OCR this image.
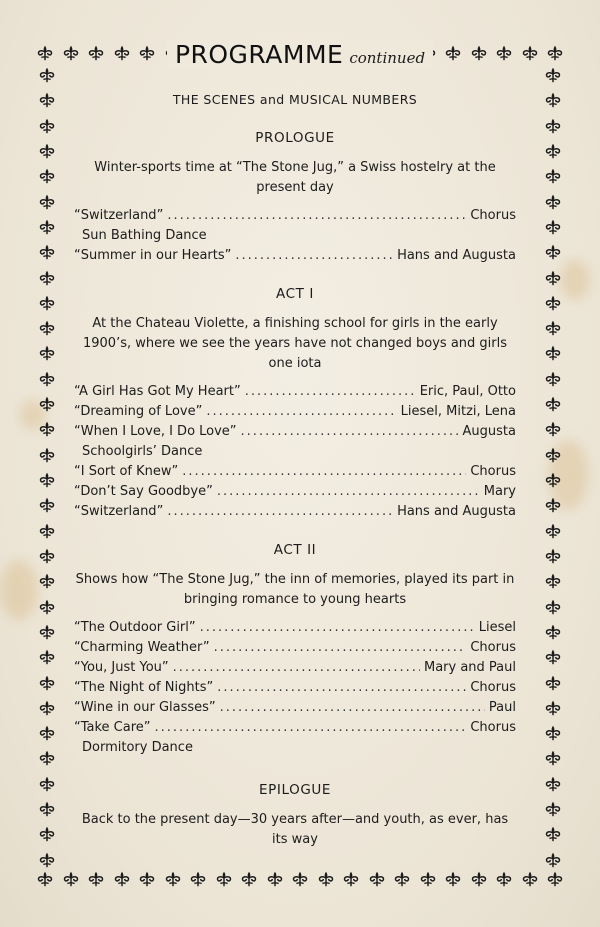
PROGRAMME continued
THE SCENES and MUSICAL NUMBERS
PROLOGUE
Winter-sports time at “The Stone Jug,” a Swiss hostelry at the present day
“Switzerland” .....	Chorus
Sun Bathing Dance
“Summer in our Hearts” .....	Hans and Augusta
ACT I
At the Chateau Violette, a finishing school for girls in the early 1900’s, where we see the years have not changed boys and girls one iota
“A Girl Has Got My Heart” .....	Eric, Paul, Otto
“Dreaming of Love” .....	Liesel, Mitzi, Lena
“When I Love, I Do Love” .....	Augusta
Schoolgirls’ Dance
“I Sort of Knew” .....	Chorus
“Don’t Say Goodbye” .....	Mary
“Switzerland” .....	Hans and Augusta
ACT II
Shows how “The Stone Jug,” the inn of memories, played its part in bringing romance to young hearts
“The Outdoor Girl” .....	Liesel
“Charming Weather” .....	Chorus
“You, Just You” .....	Mary and Paul
“The Night of Nights” .....	Chorus
“Wine in our Glasses” .....	Paul
“Take Care” .....	Chorus
Dormitory Dance
EPILOGUE
Back to the present day—30 years after—and youth, as ever, has its way
